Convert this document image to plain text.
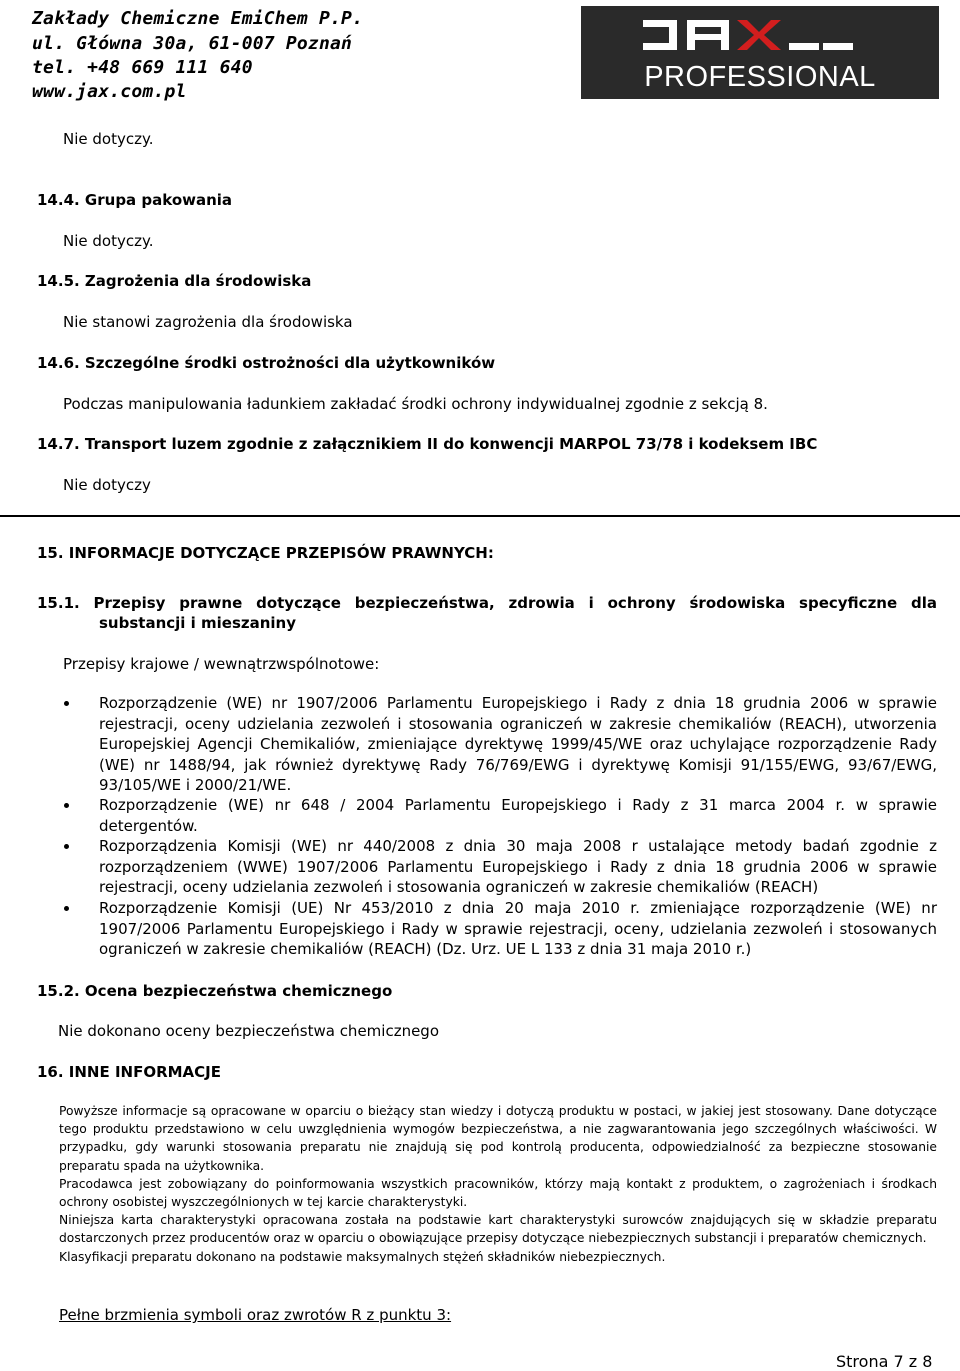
Zakłady Chemiczne EmiChem P.P.
ul. Główna 30a, 61-007 Poznań
tel. +48 669 111 640
www.jax.com.pl	PROFESSIONAL
Nie dotyczy.
14.4. Grupa pakowania
Nie dotyczy.
14.5. Zagrożenia dla środowiska
Nie stanowi zagrożenia dla środowiska
14.6. Szczególne środki ostrożności dla użytkowników
Podczas manipulowania ładunkiem zakładać środki ochrony indywidualnej zgodnie z sekcją 8.
14.7. Transport luzem zgodnie z załącznikiem II do konwencji MARPOL 73/78 i kodeksem IBC
Nie dotyczy
15. INFORMACJE DOTYCZĄCE PRZEPISÓW PRAWNYCH:
15.1. Przepisy prawne dotyczące bezpieczeństwa, zdrowia i ochrony środowiska specyficzne dla
substancji i mieszaniny
Przepisy krajowe / wewnątrzwspólnotowe:
Rozporządzenie (WE) nr 1907/2006 Parlamentu Europejskiego i Rady z dnia 18 grudnia 2006 w sprawie rejestracji, oceny udzielania zezwoleń i stosowania ograniczeń w zakresie chemikaliów (REACH), utworzenia Europejskiej Agencji Chemikaliów, zmieniające dyrektywę 1999/45/WE oraz uchylające rozporządzenie Rady (WE) nr 1488/94, jak również dyrektywę Rady 76/769/EWG i dyrektywę Komisji 91/155/EWG, 93/67/EWG, 93/105/WE i 2000/21/WE.
Rozporządzenie (WE) nr 648 / 2004 Parlamentu Europejskiego i Rady z 31 marca 2004 r. w sprawie detergentów.
Rozporządzenia Komisji (WE) nr 440/2008 z dnia 30 maja 2008 r ustalające metody badań zgodnie z rozporządzeniem (WWE) 1907/2006 Parlamentu Europejskiego i Rady z dnia 18 grudnia 2006 w sprawie rejestracji, oceny udzielania zezwoleń i stosowania ograniczeń w zakresie chemikaliów (REACH)
Rozporządzenie Komisji (UE) Nr 453/2010 z dnia 20 maja 2010 r. zmieniające rozporządzenie (WE) nr 1907/2006 Parlamentu Europejskiego i Rady w sprawie rejestracji, oceny, udzielania zezwoleń i stosowanych ograniczeń w zakresie chemikaliów (REACH) (Dz. Urz. UE L 133 z dnia 31 maja 2010 r.)
15.2. Ocena bezpieczeństwa chemicznego
Nie dokonano oceny bezpieczeństwa chemicznego
16. INNE INFORMACJE

Powyższe informacje są opracowane w oparciu o bieżący stan wiedzy i dotyczą produktu w postaci, w jakiej jest stosowany. Dane dotyczące tego produktu przedstawiono w celu uwzględnienia wymogów bezpieczeństwa, a nie zagwarantowania jego szczególnych właściwości. W przypadku, gdy warunki stosowania preparatu nie znajdują się pod kontrolą producenta, odpowiedzialność za bezpieczne stosowanie preparatu spada na użytkownika.

Pracodawca jest zobowiązany do poinformowania wszystkich pracowników, którzy mają kontakt z produktem, o zagrożeniach i środkach ochrony osobistej wyszczególnionych w tej karcie charakterystyki.

Niniejsza karta charakterystyki opracowana została na podstawie kart charakterystyki surowców znajdujących się w składzie preparatu dostarczonych przez producentów oraz w oparciu o obowiązujące przepisy dotyczące niebezpiecznych substancji i preparatów chemicznych.

Klasyfikacji preparatu dokonano na podstawie maksymalnych stężeń składników niebezpiecznych.

Pełne brzmienia symboli oraz zwrotów R z punktu 3:
Strona 7 z 8
